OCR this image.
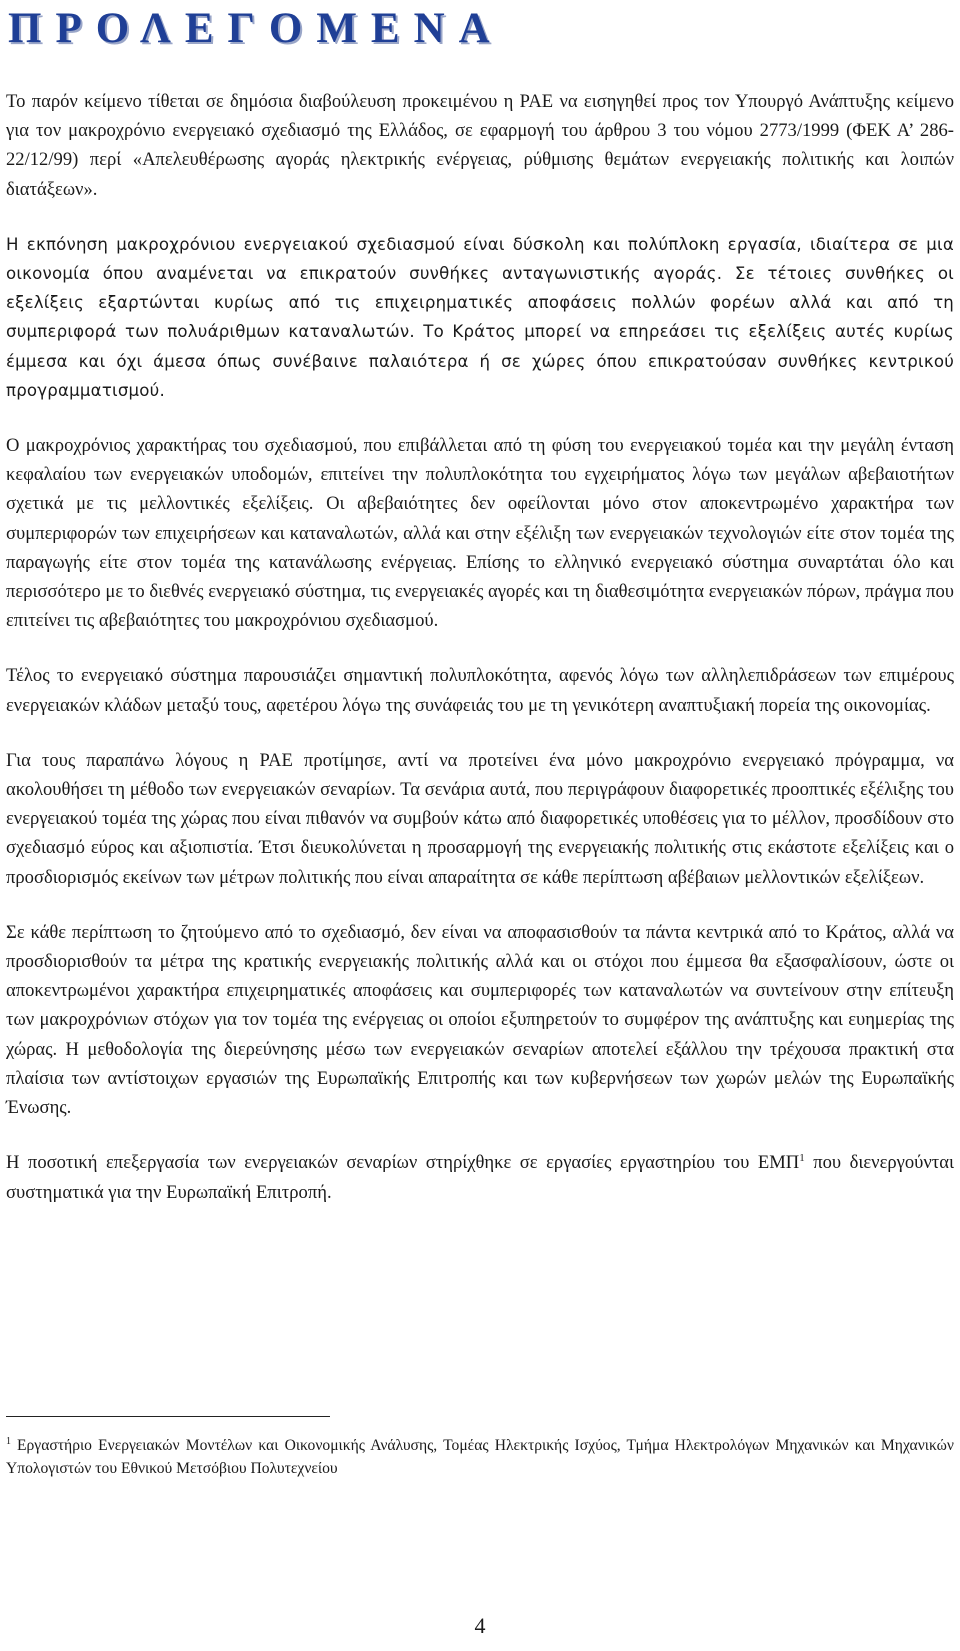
ΠΡΟΛΕΓΟΜΕΝΑ

Το παρόν κείμενο τίθεται σε δημόσια διαβούλευση προκειμένου η ΡΑΕ να εισηγηθεί προς τον Υπουργό Ανάπτυξης κείμενο για τον μακροχρόνιο ενεργειακό σχεδιασμό της Ελλάδος, σε εφαρμογή του άρθρου 3 του νόμου 2773/1999 (ΦΕΚ Α’ 286-22/12/99) περί «Απελευθέρωσης αγοράς ηλεκτρικής ενέργειας, ρύθμισης θεμάτων ενεργειακής πολιτικής και λοιπών διατάξεων».

Η εκπόνηση μακροχρόνιου ενεργειακού σχεδιασμού είναι δύσκολη και πολύπλοκη εργασία, ιδιαίτερα σε μια οικονομία όπου αναμένεται να επικρατούν συνθήκες ανταγωνιστικής αγοράς. Σε τέτοιες συνθήκες οι εξελίξεις εξαρτώνται κυρίως από τις επιχειρηματικές αποφάσεις πολλών φορέων αλλά και από τη συμπεριφορά των πολυάριθμων καταναλωτών. Το Κράτος μπορεί να επηρεάσει τις εξελίξεις αυτές κυρίως έμμεσα και όχι άμεσα όπως συνέβαινε παλαιότερα ή σε χώρες όπου επικρατούσαν συνθήκες κεντρικού προγραμματισμού.

Ο μακροχρόνιος χαρακτήρας του σχεδιασμού, που επιβάλλεται από τη φύση του ενεργειακού τομέα και την μεγάλη ένταση κεφαλαίου των ενεργειακών υποδομών, επιτείνει την πολυπλοκότητα του εγχειρήματος λόγω των μεγάλων αβεβαιοτήτων σχετικά με τις μελλοντικές εξελίξεις. Οι αβεβαιότητες δεν οφείλονται μόνο στον αποκεντρωμένο χαρακτήρα των συμπεριφορών των επιχειρήσεων και καταναλωτών, αλλά και στην εξέλιξη των ενεργειακών τεχνολογιών είτε στον τομέα της παραγωγής είτε στον τομέα της κατανάλωσης ενέργειας. Επίσης το ελληνικό ενεργειακό σύστημα συναρτάται όλο και περισσότερο με το διεθνές ενεργειακό σύστημα, τις ενεργειακές αγορές και τη διαθεσιμότητα ενεργειακών πόρων, πράγμα που επιτείνει τις αβεβαιότητες του μακροχρόνιου σχεδιασμού.

Τέλος το ενεργειακό σύστημα παρουσιάζει σημαντική πολυπλοκότητα, αφενός λόγω των αλληλεπιδράσεων των επιμέρους ενεργειακών κλάδων μεταξύ τους, αφετέρου λόγω της συνάφειάς του με τη γενικότερη αναπτυξιακή πορεία της οικονομίας.

Για τους παραπάνω λόγους η ΡΑΕ προτίμησε, αντί να προτείνει ένα μόνο μακροχρόνιο ενεργειακό πρόγραμμα, να ακολουθήσει τη μέθοδο των ενεργειακών σεναρίων. Τα σενάρια αυτά, που περιγράφουν διαφορετικές προοπτικές εξέλιξης του ενεργειακού τομέα της χώρας που είναι πιθανόν να συμβούν κάτω από διαφορετικές υποθέσεις για το μέλλον, προσδίδουν στο σχεδιασμό εύρος και αξιοπιστία. Έτσι διευκολύνεται η προσαρμογή της ενεργειακής πολιτικής στις εκάστοτε εξελίξεις και ο προσδιορισμός εκείνων των μέτρων πολιτικής που είναι απαραίτητα σε κάθε περίπτωση αβέβαιων μελλοντικών εξελίξεων.

Σε κάθε περίπτωση το ζητούμενο από το σχεδιασμό, δεν είναι να αποφασισθούν τα πάντα κεντρικά από το Κράτος, αλλά να προσδιορισθούν τα μέτρα της κρατικής ενεργειακής πολιτικής αλλά και οι στόχοι που έμμεσα θα εξασφαλίσουν, ώστε οι αποκεντρωμένοι χαρακτήρα επιχειρηματικές αποφάσεις και συμπεριφορές των καταναλωτών να συντείνουν στην επίτευξη των μακροχρόνιων στόχων για τον τομέα της ενέργειας οι οποίοι εξυπηρετούν το συμφέρον της ανάπτυξης και ευημερίας της χώρας. Η μεθοδολογία της διερεύνησης μέσω των ενεργειακών σεναρίων αποτελεί εξάλλου την τρέχουσα πρακτική στα πλαίσια των αντίστοιχων εργασιών της Ευρωπαϊκής Επιτροπής και των κυβερνήσεων των χωρών μελών της Ευρωπαϊκής Ένωσης.

Η ποσοτική επεξεργασία των ενεργειακών σεναρίων στηρίχθηκε σε εργασίες εργαστηρίου του ΕΜΠ$^1$ που διενεργούνται συστηματικά για την Ευρωπαϊκή Επιτροπή.

$^1$ Εργαστήριο Ενεργειακών Μοντέλων και Οικονομικής Ανάλυσης, Τομέας Ηλεκτρικής Ισχύος, Τμήμα Ηλεκτρολόγων Μηχανικών και Μηχανικών Υπολογιστών του Εθνικού Μετσόβιου Πολυτεχνείου

4
